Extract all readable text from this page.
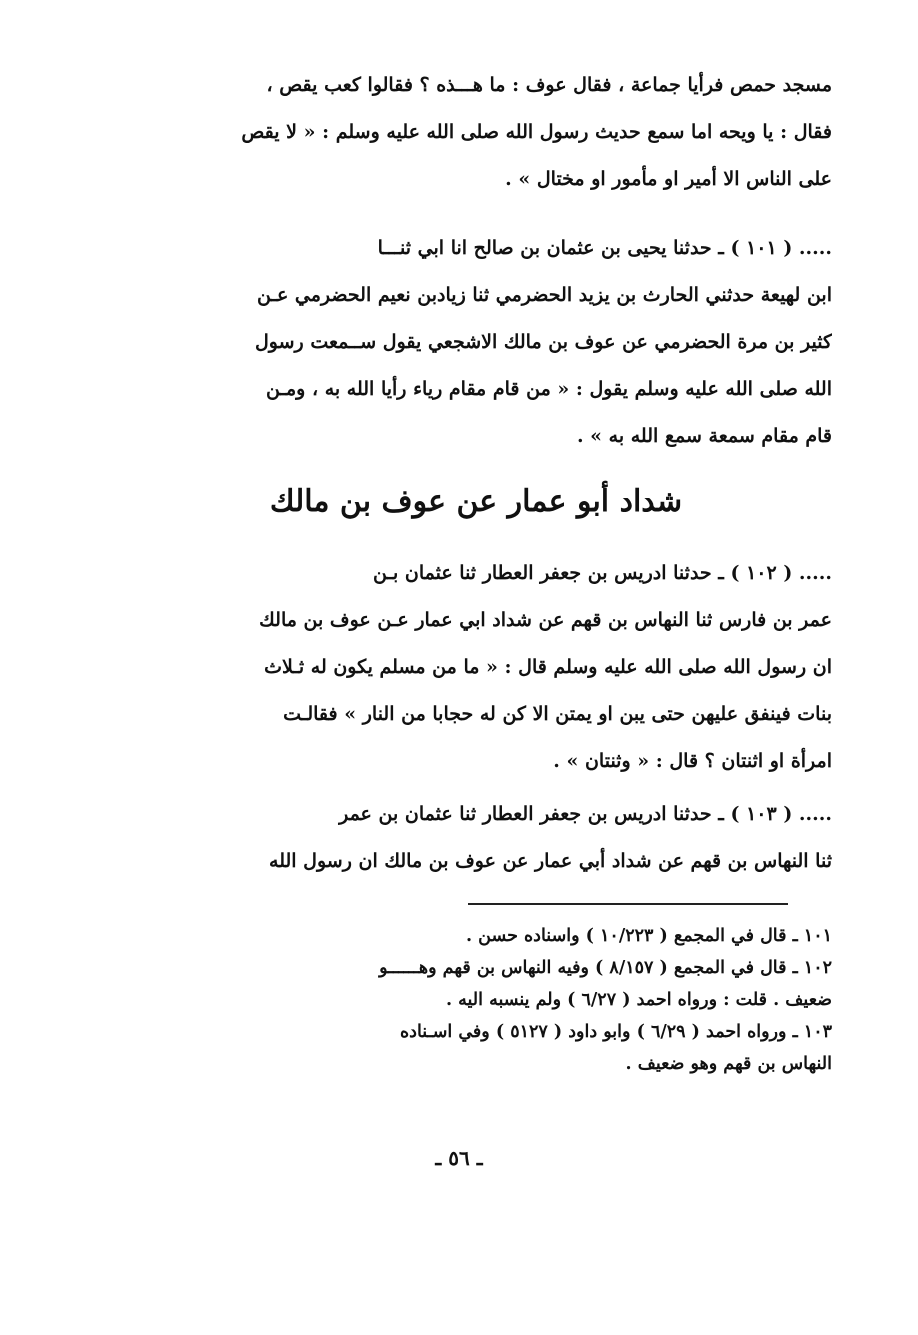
مسجد حمص فرأيا جماعة ، فقال عوف : ما هـــذه ؟ فقالوا كعب يقص ،
فقال : يا ويحه اما سمع حديث رسول الله صلى الله عليه وسلم : « لا يقص
على الناس الا أمير او مأمور او مختال » .
..... ( ١٠١ ) ـ حدثنا يحيى بن عثمان بن صالح انا ابي ثنـــا
ابن لهيعة حدثني الحارث بن يزيد الحضرمي ثنا زيادبن نعيم الحضرمي عـن
كثير بن مرة الحضرمي عن عوف بن مالك الاشجعي يقول ســمعت رسول
الله صلى الله عليه وسلم يقول : « من قام مقام رياء رأيا الله به ، ومـن
قام مقام سمعة سمع الله به » .
شداد أبو عمار عن عوف بن مالك
..... ( ١٠٢ ) ـ حدثنا ادريس بن جعفر العطار ثنا عثمان بـن
عمر بن فارس ثنا النهاس بن قهم عن شداد ابي عمار عـن عوف بن مالك
ان رسول الله صلى الله عليه وسلم قال : « ما من مسلم يكون له ثـلاث
بنات فينفق عليهن حتى يبن او يمتن الا كن له حجابا من النار » فقالـت
امرأة او اثنتان ؟ قال : « وثنتان » .
..... ( ١٠٣ ) ـ حدثنا ادريس بن جعفر العطار ثنا عثمان بن عمر
ثنا النهاس بن قهم عن شداد أبي عمار عن عوف بن مالك ان رسول الله
١٠١ ـ قال في المجمع ( ١٠/٢٢٣ ) واسناده حسن .
١٠٢ ـ قال في المجمع ( ٨/١٥٧ ) وفيه النهاس بن قهم وهــــــو
ضعيف . قلت : ورواه احمد ( ٦/٢٧ ) ولم ينسبه اليه .
١٠٣ ـ ورواه احمد ( ٦/٢٩ ) وابو داود ( ٥١٢٧ ) وفي اسـناده
النهاس بن قهم وهو ضعيف .
ـ ٥٦ ـ
